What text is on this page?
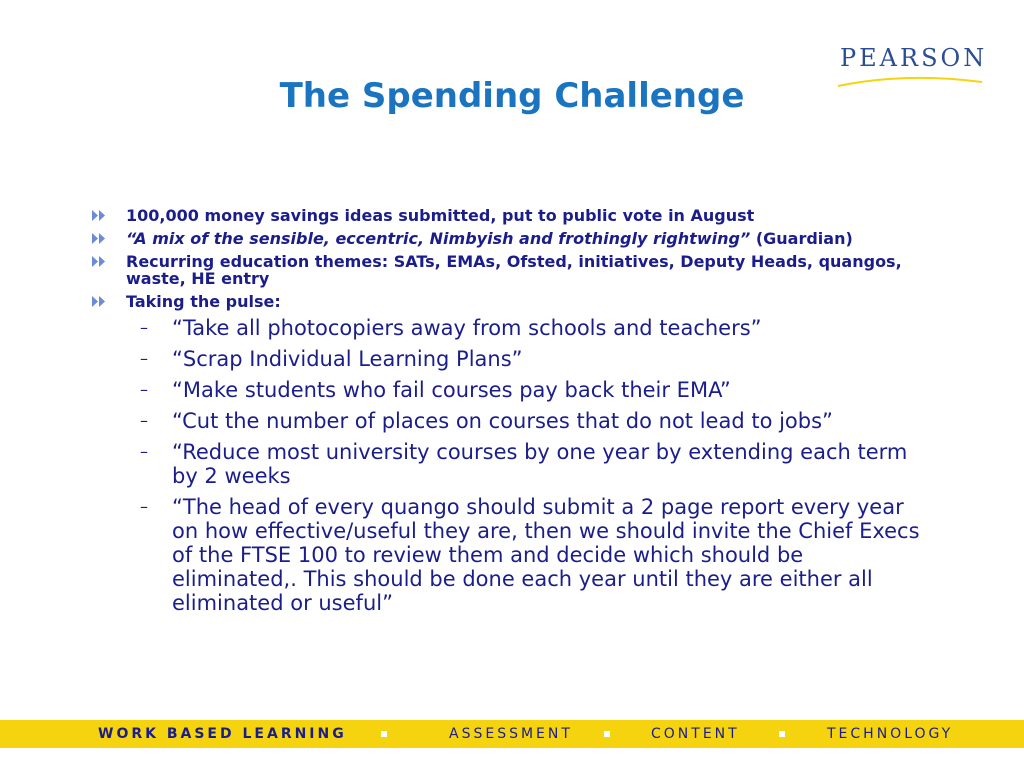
PEARSON
The Spending Challenge

100,000 money savings ideas submitted, put to public vote in August

“A mix of the sensible, eccentric, Nimbyish and frothingly rightwing” (Guardian)

Recurring education themes: SATs, EMAs, Ofsted, initiatives, Deputy Heads, quangos, waste, HE entry

Taking the pulse:

– “Take all photocopiers away from schools and teachers”
– “Scrap Individual Learning Plans”
– “Make students who fail courses pay back their EMA”
– “Cut the number of places on courses that do not lead to jobs”
– “Reduce most university courses by one year by extending each term by 2 weeks
– “The head of every quango should submit a 2 page report every year on how effective/useful they are, then we should invite the Chief Execs of the FTSE 100 to review them and decide which should be eliminated,. This should be done each year until they are either all eliminated or useful”
WORK BASED LEARNING	ASSESSMENT	CONTENT	TECHNOLOGY
